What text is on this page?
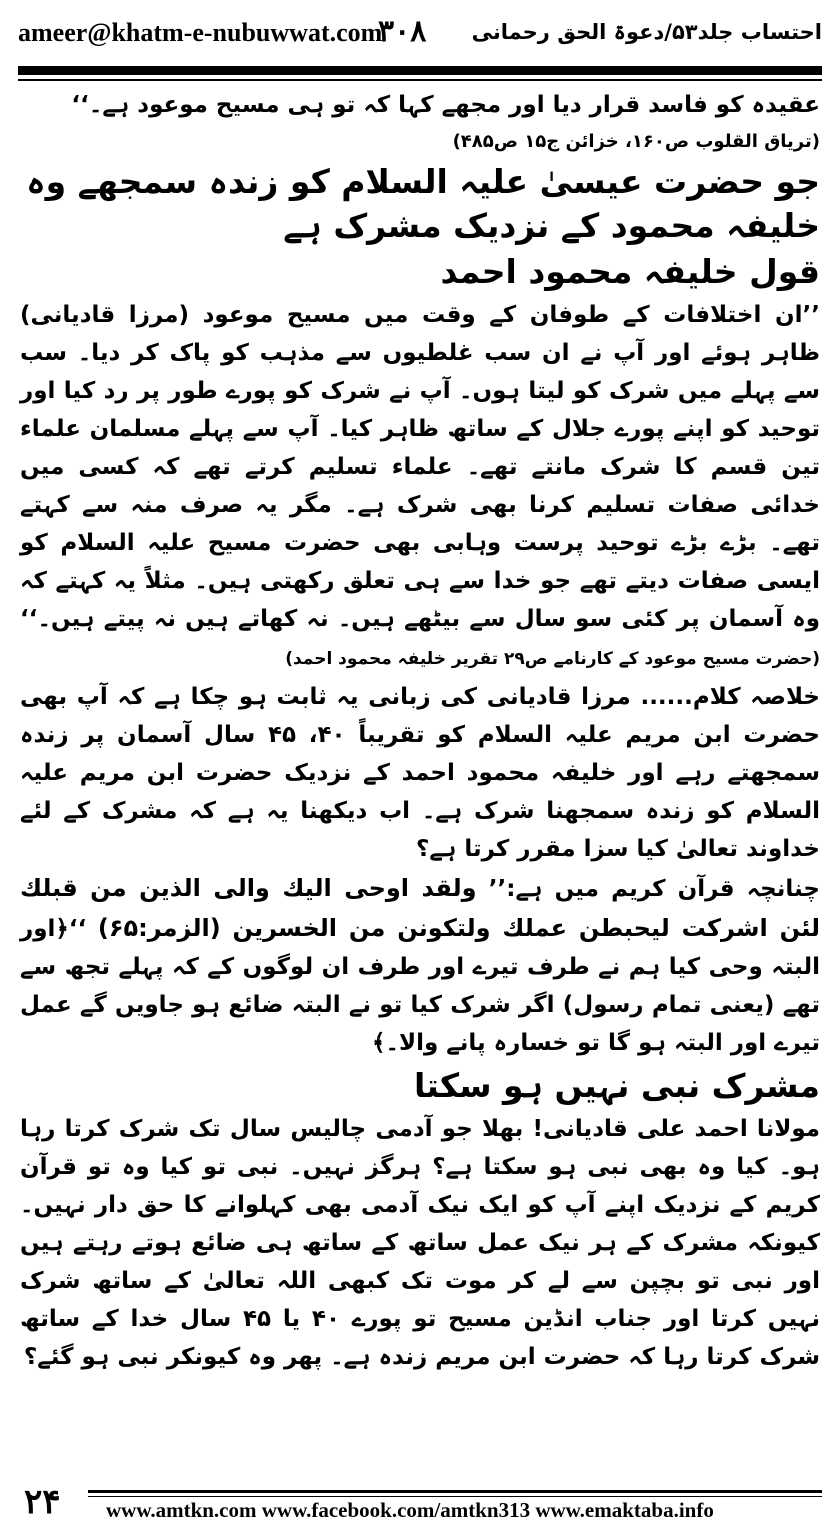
ameer@khatm-e-nubuwwat.com
۳۰۸ احتساب جلد۵۳/دعوۃ الحق رحمانی

عقیدہ کو فاسد قرار دیا اور مجھے کہا کہ تو ہی مسیح موعود ہے۔‘‘

(تریاق القلوب ص۱۶۰، خزائن ج۱۵ ص۴۸۵)

جو حضرت عیسیٰ علیہ السلام کو زندہ سمجھے وہ خلیفہ محمود کے نزدیک مشرک ہے

قول خلیفہ محمود احمد

’’ان اختلافات کے طوفان کے وقت میں مسیح موعود (مرزا قادیانی) ظاہر ہوئے اور آپ نے ان سب غلطیوں سے مذہب کو پاک کر دیا۔ سب سے پہلے میں شرک کو لیتا ہوں۔ آپ نے شرک کو پورے طور پر رد کیا اور توحید کو اپنے پورے جلال کے ساتھ ظاہر کیا۔ آپ سے پہلے مسلمان علماء تین قسم کا شرک مانتے تھے۔ علماء تسلیم کرتے تھے کہ کسی میں خدائی صفات تسلیم کرنا بھی شرک ہے۔ مگر یہ صرف منہ سے کہتے تھے۔ بڑے بڑے توحید پرست وہابی بھی حضرت مسیح علیہ السلام کو ایسی صفات دیتے تھے جو خدا سے ہی تعلق رکھتی ہیں۔ مثلاً یہ کہتے کہ وہ آسمان پر کئی سو سال سے بیٹھے ہیں۔ نہ کھاتے ہیں نہ پیتے ہیں۔‘‘ (حضرت مسیح موعود کے کارنامے ص۲۹ تقریر خلیفہ محمود احمد)

خلاصہ کلام...... مرزا قادیانی کی زبانی یہ ثابت ہو چکا ہے کہ آپ بھی حضرت ابن مریم علیہ السلام کو تقریباً ۴۰، ۴۵ سال آسمان پر زندہ سمجھتے رہے اور خلیفہ محمود احمد کے نزدیک حضرت ابن مریم علیہ السلام کو زندہ سمجھنا شرک ہے۔ اب دیکھنا یہ ہے کہ مشرک کے لئے خداوند تعالیٰ کیا سزا مقرر کرتا ہے؟

چنانچہ قرآن کریم میں ہے:’’ ولقد اوحی الیك والی الذین من قبلك لئن اشرکت لیحبطن عملك ولتکونن من الخسرین (الزمر:۶۵) ‘‘﴿اور البتہ وحی کیا ہم نے طرف تیرے اور طرف ان لوگوں کے کہ پہلے تجھ سے تھے (یعنی تمام رسول) اگر شرک کیا تو نے البتہ ضائع ہو جاویں گے عمل تیرے اور البتہ ہو گا تو خسارہ پانے والا۔﴾

مشرک نبی نہیں ہو سکتا

مولانا احمد علی قادیانی! بھلا جو آدمی چالیس سال تک شرک کرتا رہا ہو۔ کیا وہ بھی نبی ہو سکتا ہے؟ ہرگز نہیں۔ نبی تو کیا وہ تو قرآن کریم کے نزدیک اپنے آپ کو ایک نیک آدمی بھی کہلوانے کا حق دار نہیں۔ کیونکہ مشرک کے ہر نیک عمل ساتھ کے ساتھ ہی ضائع ہوتے رہتے ہیں اور نبی تو بچپن سے لے کر موت تک کبھی اللہ تعالیٰ کے ساتھ شرک نہیں کرتا اور جناب انڈین مسیح تو پورے ۴۰ یا ۴۵ سال خدا کے ساتھ شرک کرتا رہا کہ حضرت ابن مریم زندہ ہے۔ پھر وہ کیونکر نبی ہو گئے؟

۲۴ www.amtkn.com www.facebook.com/amtkn313 www.emaktaba.info
